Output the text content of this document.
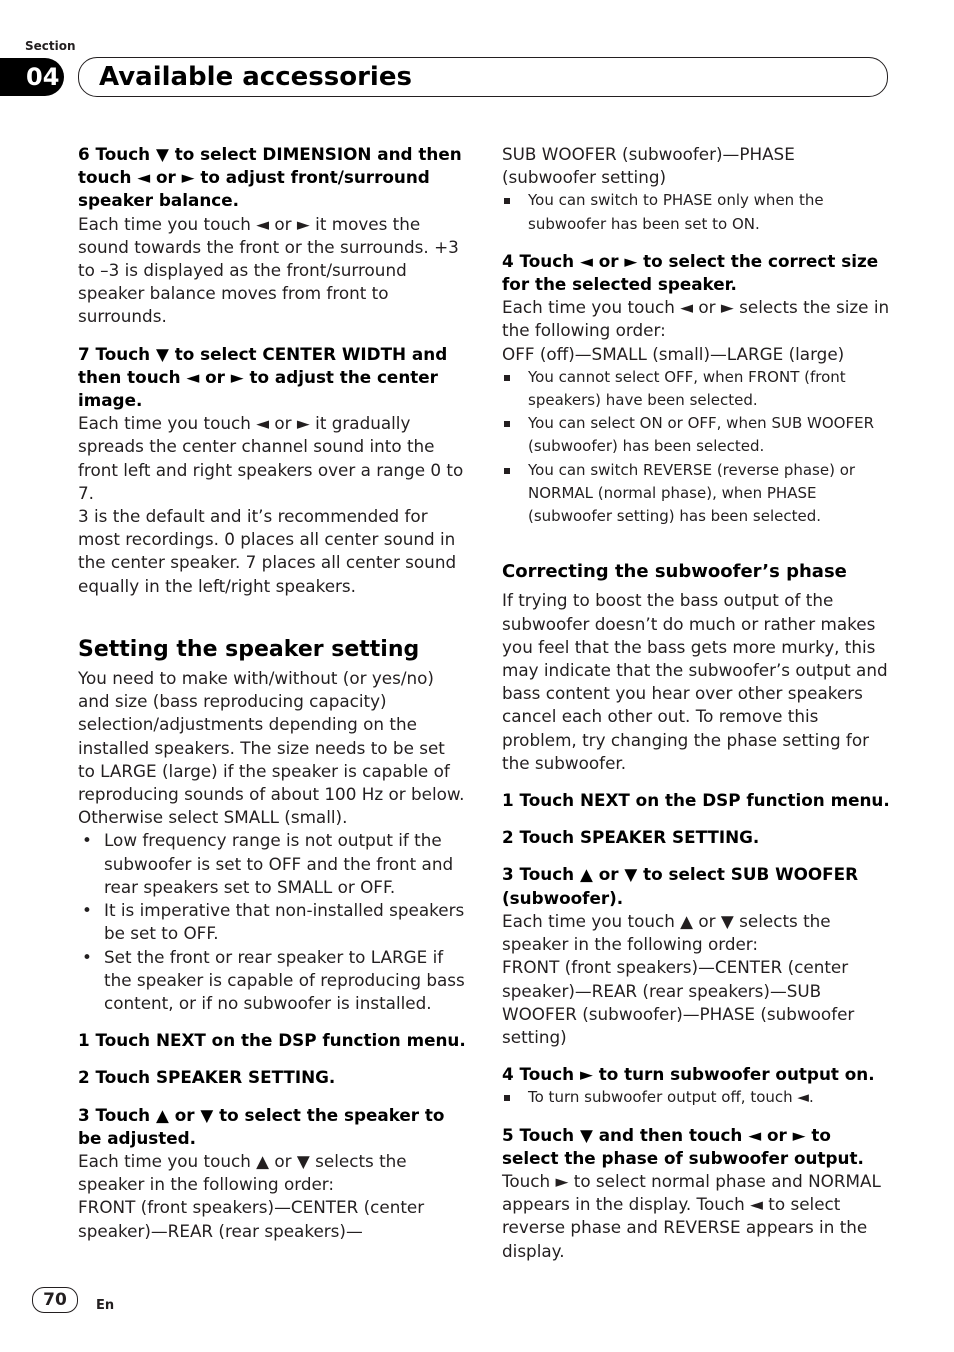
Section
04 Available accessories

6 Touch ▼ to select DIMENSION and then touch ◄ or ► to adjust front/surround speaker balance.

Each time you touch ◄ or ► it moves the sound towards the front or the surrounds. +3 to –3 is displayed as the front/surround speaker balance moves from front to surrounds.

7 Touch ▼ to select CENTER WIDTH and then touch ◄ or ► to adjust the center image.

Each time you touch ◄ or ► it gradually spreads the center channel sound into the front left and right speakers over a range 0 to 7.

3 is the default and it’s recommended for most recordings. 0 places all center sound in the center speaker. 7 places all center sound equally in the left/right speakers.

Setting the speaker setting

You need to make with/without (or yes/no) and size (bass reproducing capacity) selection/adjustments depending on the installed speakers. The size needs to be set to LARGE (large) if the speaker is capable of reproducing sounds of about 100 Hz or below. Otherwise select SMALL (small).

• Low frequency range is not output if the subwoofer is set to OFF and the front and rear speakers set to SMALL or OFF.

• It is imperative that non-installed speakers be set to OFF.

• Set the front or rear speaker to LARGE if the speaker is capable of reproducing bass content, or if no subwoofer is installed.

1 Touch NEXT on the DSP function menu.

2 Touch SPEAKER SETTING.

3 Touch ▲ or ▼ to select the speaker to be adjusted.

Each time you touch ▲ or ▼ selects the speaker in the following order:

FRONT (front speakers)—CENTER (center speaker)—REAR (rear speakers)—

SUB WOOFER (subwoofer)—PHASE (subwoofer setting)

You can switch to PHASE only when the subwoofer has been set to ON.

4 Touch ◄ or ► to select the correct size for the selected speaker.

Each time you touch ◄ or ► selects the size in the following order:

OFF (off)—SMALL (small)—LARGE (large)

You cannot select OFF, when FRONT (front speakers) have been selected.

You can select ON or OFF, when SUB WOOFER (subwoofer) has been selected.

You can switch REVERSE (reverse phase) or NORMAL (normal phase), when PHASE (subwoofer setting) has been selected.

Correcting the subwoofer’s phase

If trying to boost the bass output of the subwoofer doesn’t do much or rather makes you feel that the bass gets more murky, this may indicate that the subwoofer’s output and bass content you hear over other speakers cancel each other out. To remove this problem, try changing the phase setting for the subwoofer.

1 Touch NEXT on the DSP function menu.

2 Touch SPEAKER SETTING.

3 Touch ▲ or ▼ to select SUB WOOFER (subwoofer).

Each time you touch ▲ or ▼ selects the speaker in the following order:

FRONT (front speakers)—CENTER (center speaker)—REAR (rear speakers)—SUB WOOFER (subwoofer)—PHASE (subwoofer setting)

4 Touch ► to turn subwoofer output on.

To turn subwoofer output off, touch ◄.

5 Touch ▼ and then touch ◄ or ► to select the phase of subwoofer output.

Touch ► to select normal phase and NORMAL appears in the display. Touch ◄ to select reverse phase and REVERSE appears in the display.

70	En
